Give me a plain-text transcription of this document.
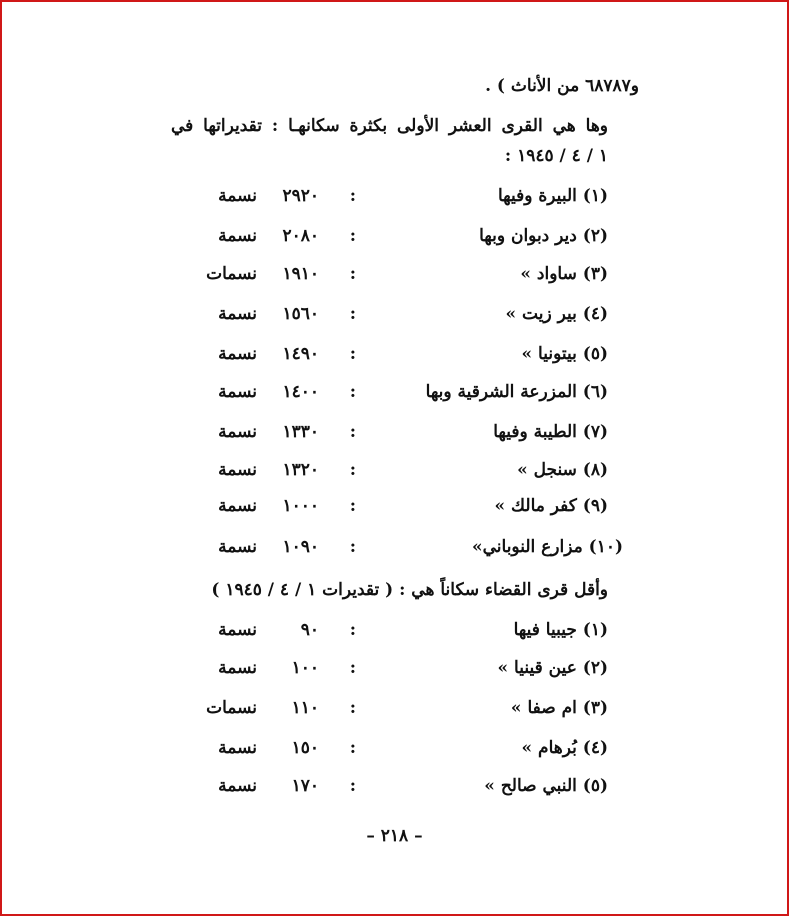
و٦٨٧٨٧ من الأناث ) .
وها هي القرى العشر الأولى بكثرة سكانهـا : تقديراتها في
١ / ٤ / ١٩٤٥ :
(١) البيرة وفيها
:
٢٩٢٠
نسمة
(٢) دير دبوان وبها
:
٢٠٨٠
نسمة
(٣) ساواد »
:
١٩١٠
نسمات
(٤) بير زيت »
:
١٥٦٠
نسمة
(٥) بيتونيا »
:
١٤٩٠
نسمة
(٦) المزرعة الشرقية وبها
:
١٤٠٠
نسمة
(٧) الطيبة وفيها
:
١٣٣٠
نسمة
(٨) سنجل »
:
١٣٢٠
نسمة
(٩) كفر مالك »
:
١٠٠٠
نسمة
(١٠) مزارع النوباني»
:
١٠٩٠
نسمة
وأقل قرى القضاء سكاناً هي : ( تقديرات ١ / ٤ / ١٩٤٥ )
(١) جيبيا فيها
:
٩٠
نسمة
(٢) عين قينيا »
:
١٠٠
نسمة
(٣) ام صفا »
:
١١٠
نسمات
(٤) بُرهام »
:
١٥٠
نسمة
(٥) النبي صالح »
:
١٧٠
نسمة
– ٢١٨ –
